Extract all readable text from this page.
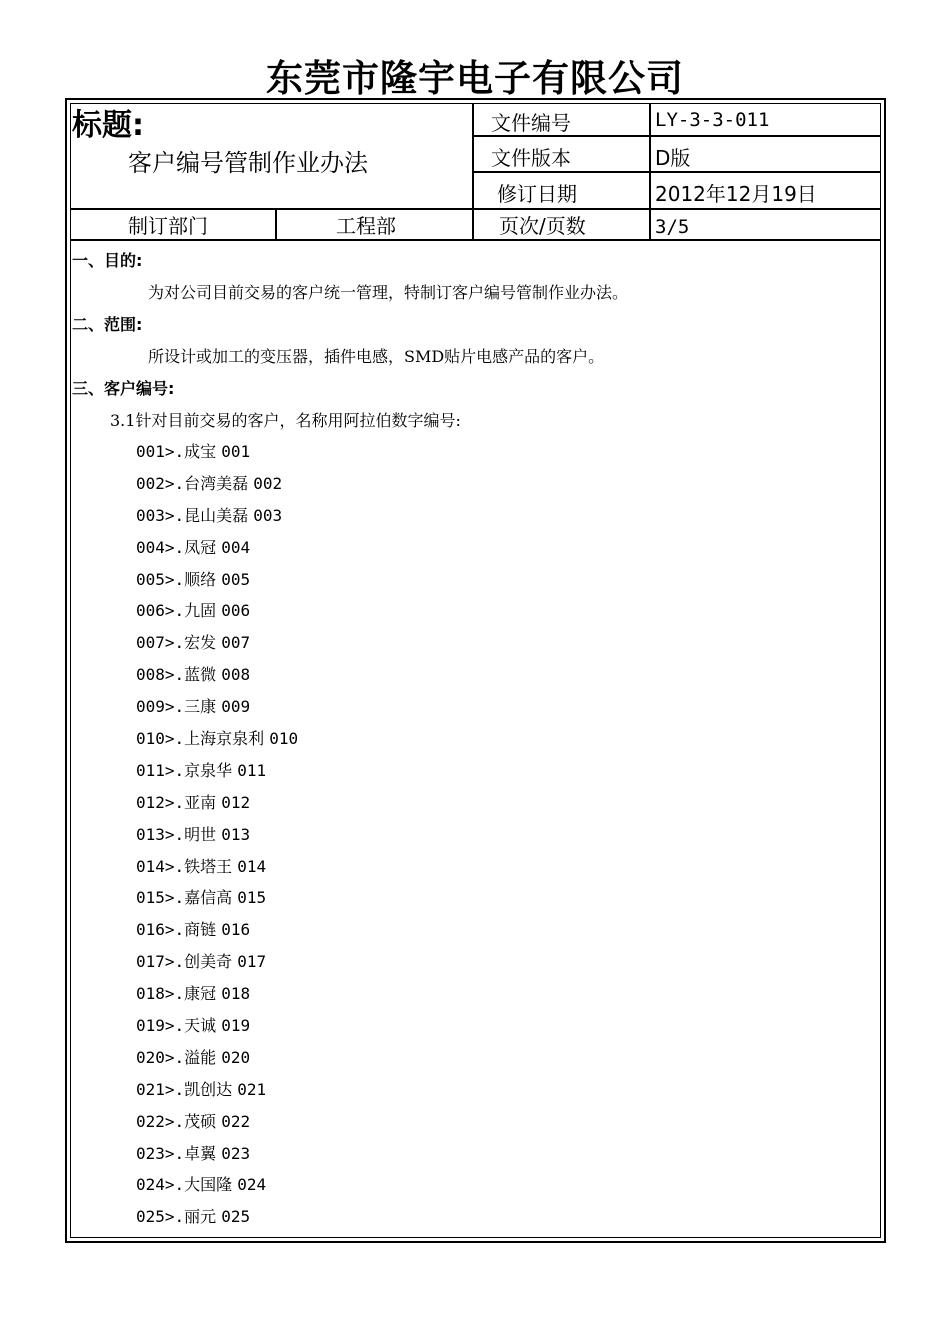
东莞市隆宇电子有限公司
标题:
客户编号管制作业办法
文件编号	LY-3-3-011
文件版本	D版
修订日期	2012年12月19日
制订部门	工程部	页次/页数	3/5
一、目的:
为对公司目前交易的客户统一管理，特制订客户编号管制作业办法。
二、范围:
所设计或加工的变压器，插件电感，SMD贴片电感产品的客户。
三、客户编号:
3.1针对目前交易的客户，名称用阿拉伯数字编号:
001>.成宝 001
002>.台湾美磊 002
003>.昆山美磊 003
004>.凤冠 004
005>.顺络 005
006>.九固 006
007>.宏发 007
008>.蓝微 008
009>.三康 009
010>.上海京泉利 010
011>.京泉华 011
012>.亚南 012
013>.明世 013
014>.铁塔王 014
015>.嘉信高 015
016>.商链 016
017>.创美奇 017
018>.康冠 018
019>.天诚 019
020>.溢能 020
021>.凯创达 021
022>.茂硕 022
023>.卓翼 023
024>.大国隆 024
025>.丽元 025
